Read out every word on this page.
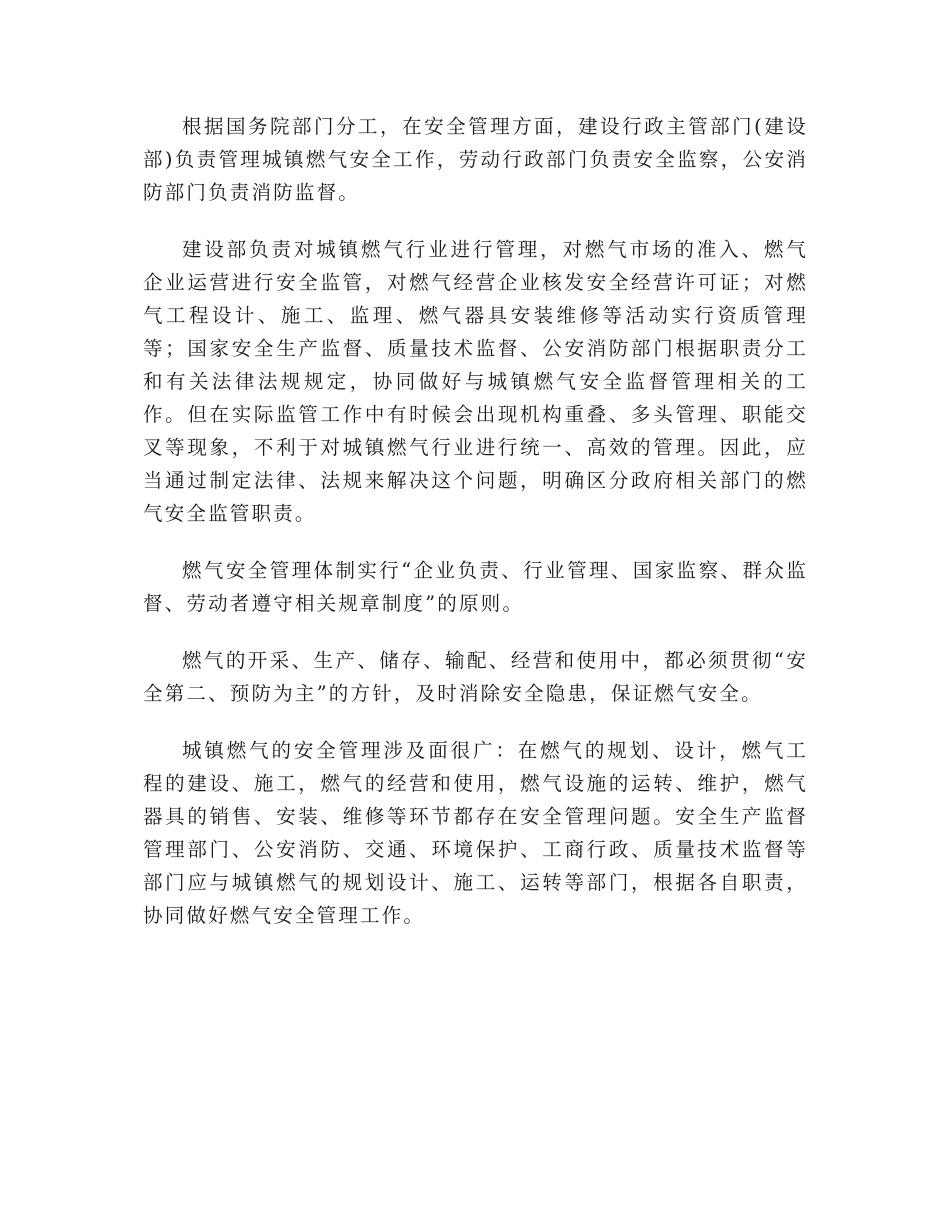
根据国务院部门分工，在安全管理方面，建设行政主管部门(建设部)负责管理城镇燃气安全工作，劳动行政部门负责安全监察，公安消防部门负责消防监督。

建设部负责对城镇燃气行业进行管理，对燃气市场的准入、燃气企业运营进行安全监管，对燃气经营企业核发安全经营许可证；对燃气工程设计、施工、监理、燃气器具安装维修等活动实行资质管理等；国家安全生产监督、质量技术监督、公安消防部门根据职责分工和有关法律法规规定，协同做好与城镇燃气安全监督管理相关的工作。但在实际监管工作中有时候会出现机构重叠、多头管理、职能交叉等现象，不利于对城镇燃气行业进行统一、高效的管理。因此，应当通过制定法律、法规来解决这个问题，明确区分政府相关部门的燃气安全监管职责。

燃气安全管理体制实行“企业负责、行业管理、国家监察、群众监督、劳动者遵守相关规章制度”的原则。

燃气的开采、生产、储存、输配、经营和使用中，都必须贯彻“安全第二、预防为主”的方针，及时消除安全隐患，保证燃气安全。

城镇燃气的安全管理涉及面很广：在燃气的规划、设计，燃气工程的建设、施工，燃气的经营和使用，燃气设施的运转、维护，燃气器具的销售、安装、维修等环节都存在安全管理问题。安全生产监督管理部门、公安消防、交通、环境保护、工商行政、质量技术监督等部门应与城镇燃气的规划设计、施工、运转等部门，根据各自职责，协同做好燃气安全管理工作。
